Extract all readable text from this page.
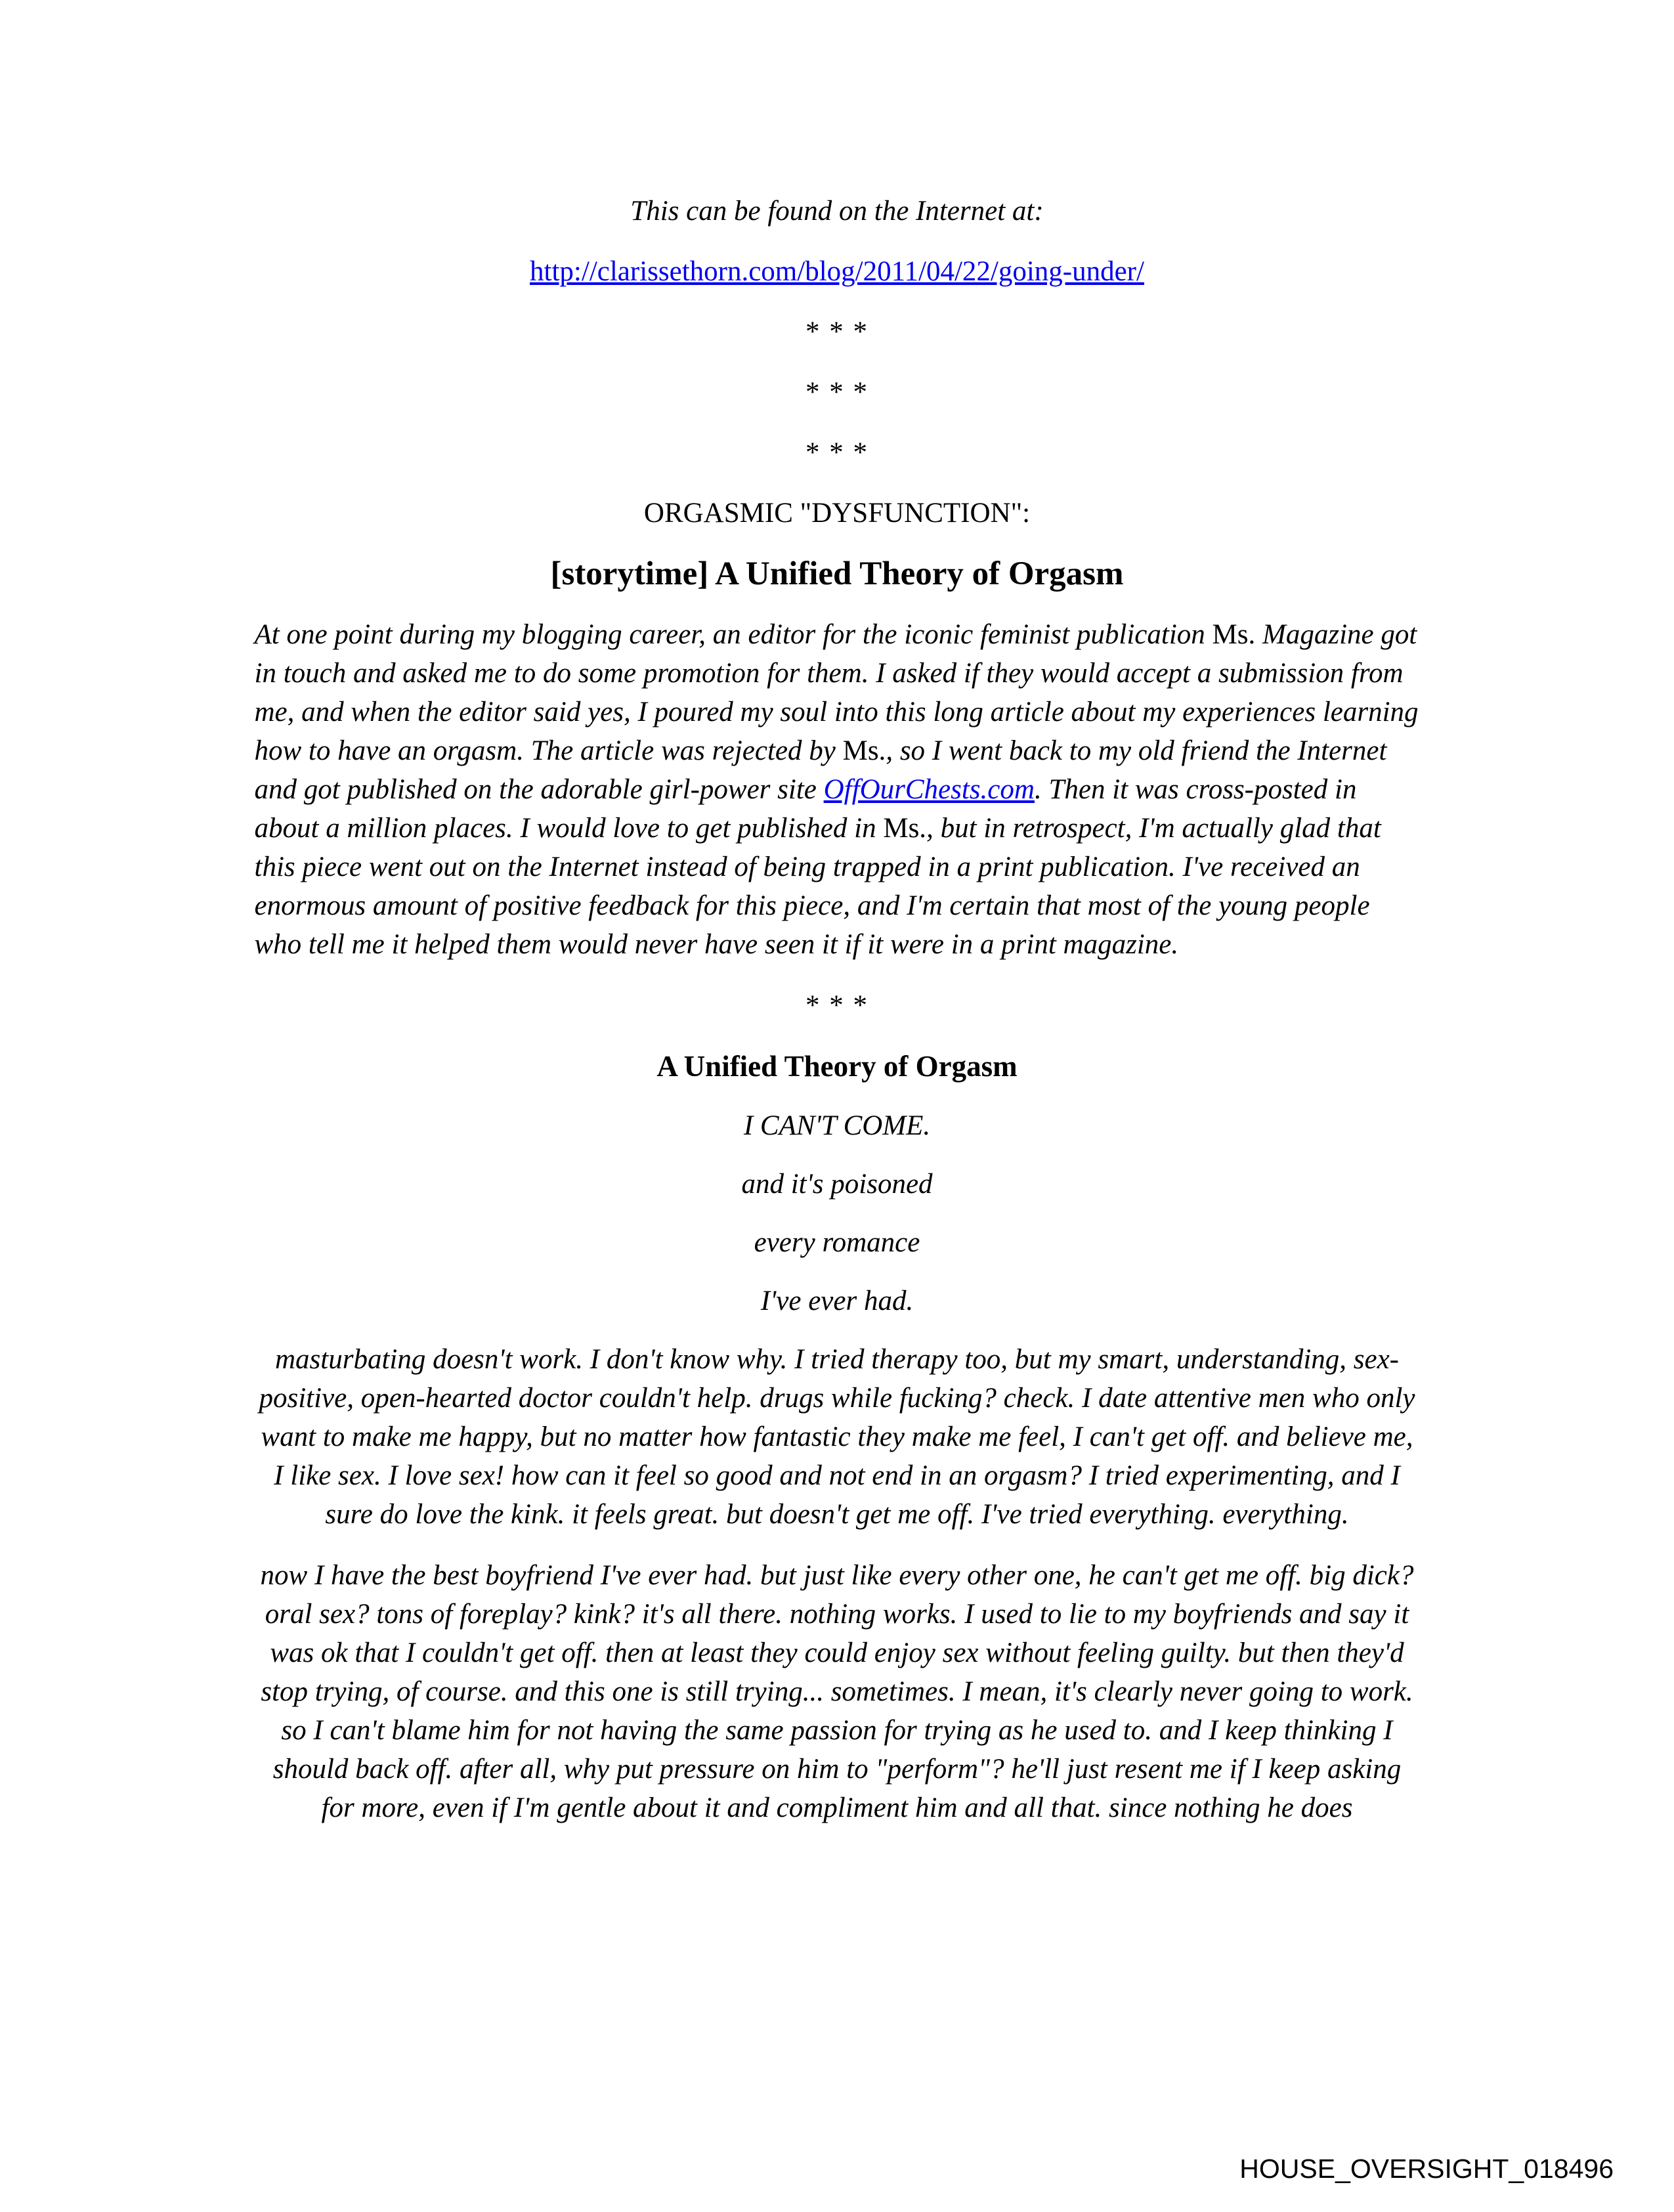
This can be found on the Internet at:
http://clarissethorn.com/blog/2011/04/22/going-under/
* * *
* * *
* * *
ORGASMIC "DYSFUNCTION":
[storytime] A Unified Theory of Orgasm

At one point during my blogging career, an editor for the iconic feminist publication Ms. Magazine got in touch and asked me to do some promotion for them. I asked if they would accept a submission from me, and when the editor said yes, I poured my soul into this long article about my experiences learning how to have an orgasm. The article was rejected by Ms., so I went back to my old friend the Internet and got published on the adorable girl-power site OffOurChests.com. Then it was cross-posted in about a million places. I would love to get published in Ms., but in retrospect, I'm actually glad that this piece went out on the Internet instead of being trapped in a print publication. I've received an enormous amount of positive feedback for this piece, and I'm certain that most of the young people who tell me it helped them would never have seen it if it were in a print magazine.

* * *
A Unified Theory of Orgasm
I CAN'T COME.
and it's poisoned
every romance
I've ever had.

masturbating doesn't work. I don't know why. I tried therapy too, but my smart, understanding, sex-positive, open-hearted doctor couldn't help. drugs while fucking? check. I date attentive men who only want to make me happy, but no matter how fantastic they make me feel, I can't get off. and believe me, I like sex. I love sex! how can it feel so good and not end in an orgasm? I tried experimenting, and I sure do love the kink. it feels great. but doesn't get me off. I've tried everything. everything.

now I have the best boyfriend I've ever had. but just like every other one, he can't get me off. big dick? oral sex? tons of foreplay? kink? it's all there. nothing works. I used to lie to my boyfriends and say it was ok that I couldn't get off. then at least they could enjoy sex without feeling guilty. but then they'd stop trying, of course. and this one is still trying... sometimes. I mean, it's clearly never going to work. so I can't blame him for not having the same passion for trying as he used to. and I keep thinking I should back off. after all, why put pressure on him to "perform"? he'll just resent me if I keep asking for more, even if I'm gentle about it and compliment him and all that. since nothing he does

HOUSE_OVERSIGHT_018496
